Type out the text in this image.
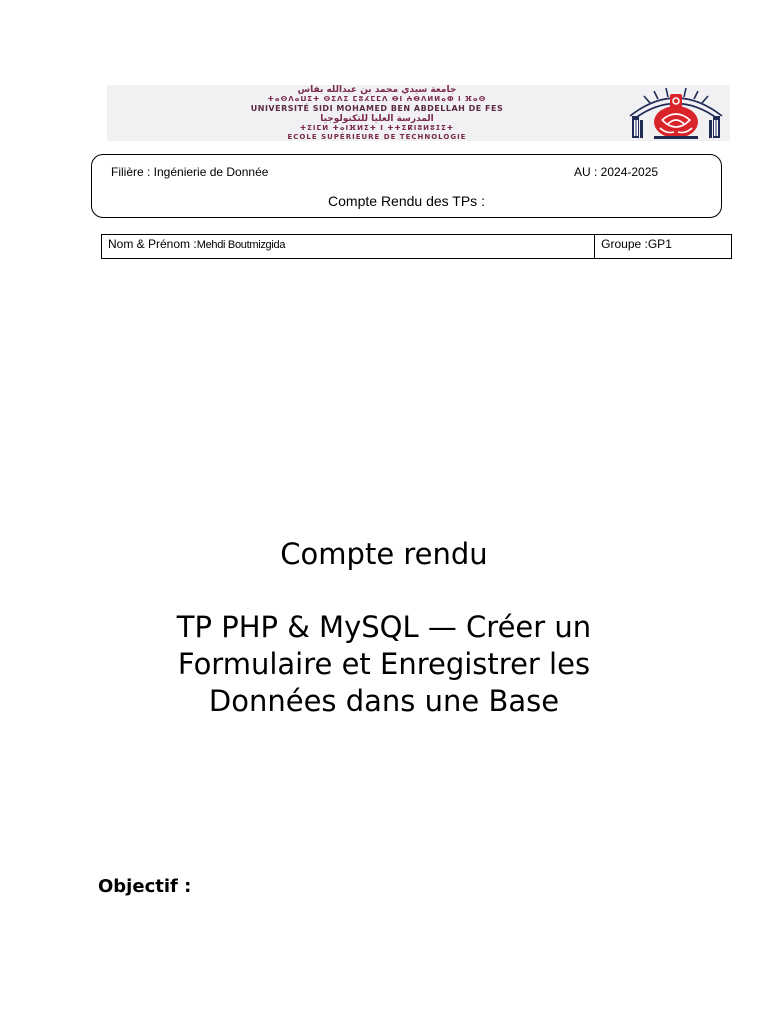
جامعة سيدي محمد بن عبدالله بفاس
ⵜⴰⵙⴷⴰⵡⵉⵜ ⵙⵉⴷⵉ ⵎⵓⵃⵎⵎⴷ ⴱⵏ ⵄⴱⴷⵍⵍⴰⵀ ⵏ ⴼⴰⵙ
UNIVERSITÉ SIDI MOHAMED BEN ABDELLAH DE FES
المدرسة العليا للتكنولوجيا
ⵜⵉⵏⵎⵍ ⵜⴰⵏⴼⵍⵉⵜ ⵏ ⵜⵜⵉⴽⵏⵓⵍⵓⵊⵉⵜ
ECOLE SUPÉRIEURE DE TECHNOLOGIE
Filière : Ingénierie de Donnée	AU : 2024-2025
Compte Rendu des TPs :
Nom & Prénom :Mehdi Boutmizgida	Groupe :GP1
Compte rendu
TP PHP & MySQL — Créer un
Formulaire et Enregistrer les
Données dans une Base
Objectif :
